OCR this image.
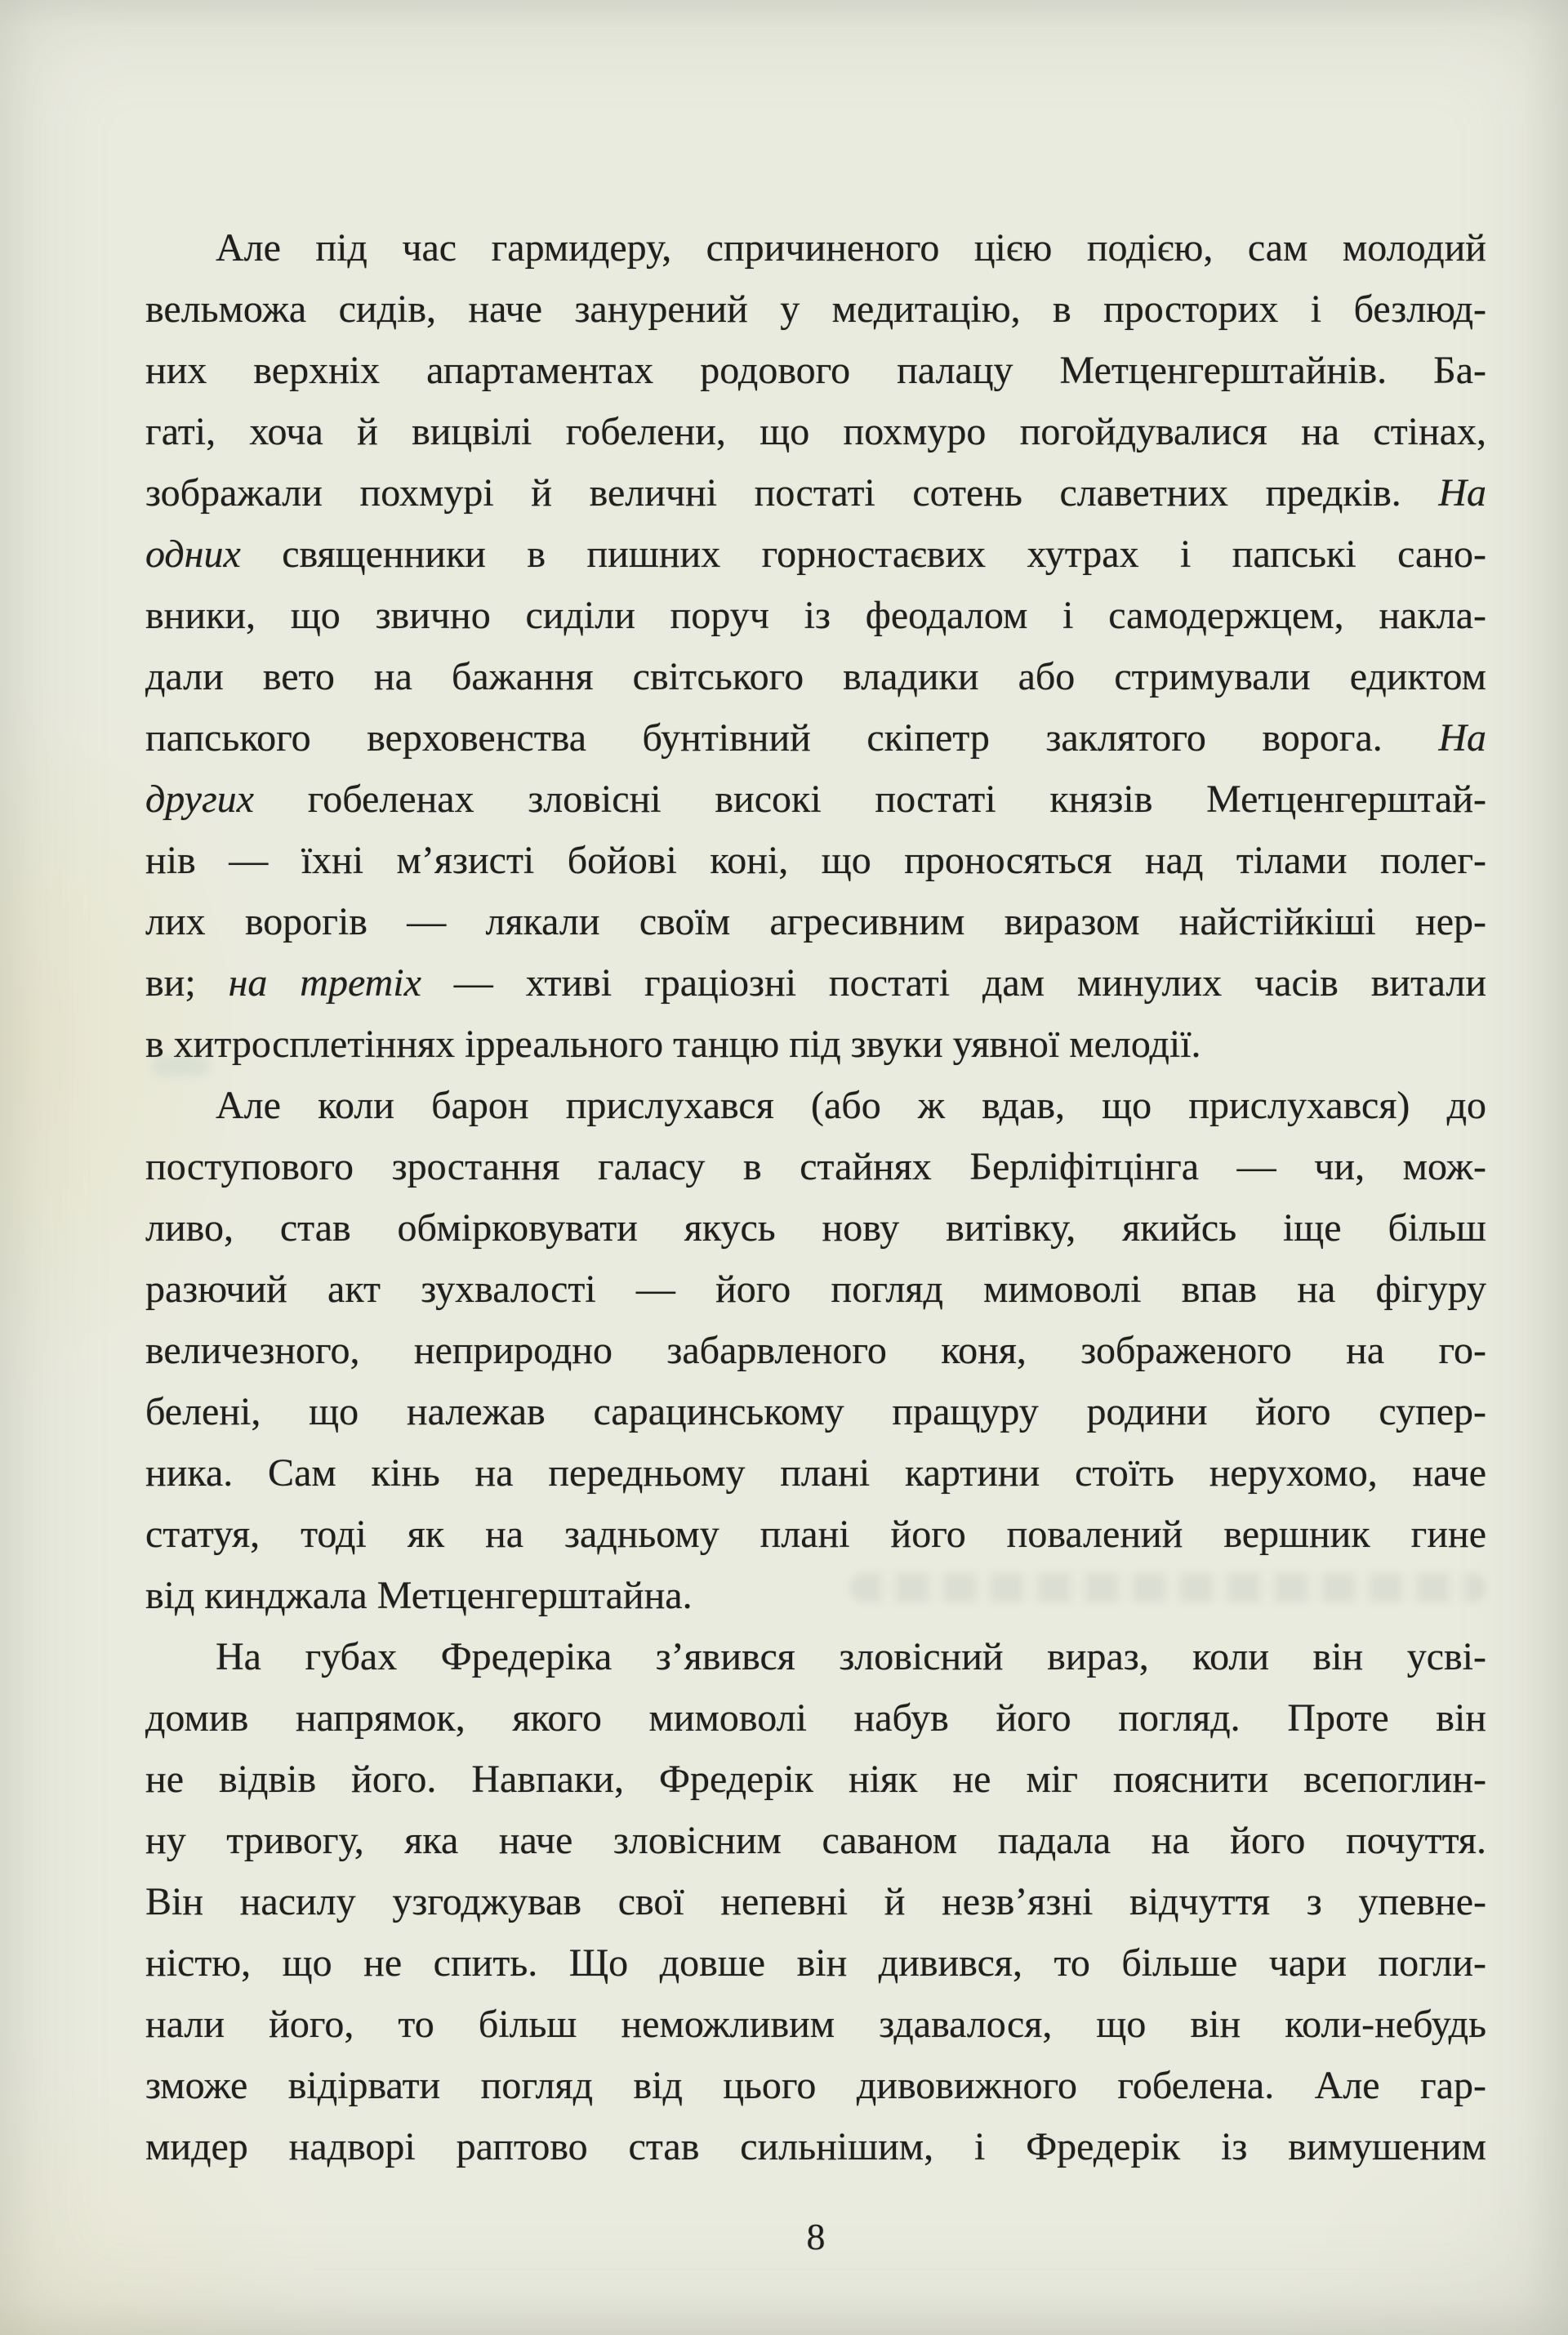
Але під час гармидеру, спричиненого цією подією, сам молодий
вельможа сидів, наче занурений у медитацію, в просторих і безлюд-
них верхніх апартаментах родового палацу Метценгерштайнів. Ба-
гаті, хоча й вицвілі гобелени, що похмуро погойдувалися на стінах,
зображали похмурі й величні постаті сотень славетних предків. На
одних священники в пишних горностаєвих хутрах і папські сано-
вники, що звично сиділи поруч із феодалом і самодержцем, накла-
дали вето на бажання світського владики або стримували едиктом
папського верховенства бунтівний скіпетр заклятого ворога. На
других гобеленах зловісні високі постаті князів Метценгерштай-
нів — їхні м’язисті бойові коні, що проносяться над тілами полег-
лих ворогів — лякали своїм агресивним виразом найстійкіші нер-
ви; на третіх — хтиві граціозні постаті дам минулих часів витали
в хитросплетіннях ірреального танцю під звуки уявної мелодії.
Але коли барон прислухався (або ж вдав, що прислухався) до
поступового зростання галасу в стайнях Берліфітцінга — чи, мож-
ливо, став обмірковувати якусь нову витівку, якийсь іще більш
разючий акт зухвалості — його погляд мимоволі впав на фігуру
величезного, неприродно забарвленого коня, зображеного на го-
белені, що належав сарацинському пращуру родини його супер-
ника. Сам кінь на передньому плані картини стоїть нерухомо, наче
статуя, тоді як на задньому плані його повалений вершник гине
від кинджала Метценгерштайна.
На губах Фредеріка з’явився зловісний вираз, коли він усві-
домив напрямок, якого мимоволі набув його погляд. Проте він
не відвів його. Навпаки, Фредерік ніяк не міг пояснити всепоглин-
ну тривогу, яка наче зловісним саваном падала на його почуття.
Він насилу узгоджував свої непевні й незв’язні відчуття з упевне-
ністю, що не спить. Що довше він дивився, то більше чари погли-
нали його, то більш неможливим здавалося, що він коли-небудь
зможе відірвати погляд від цього дивовижного гобелена. Але гар-
мидер надворі раптово став сильнішим, і Фредерік із вимушеним
8
